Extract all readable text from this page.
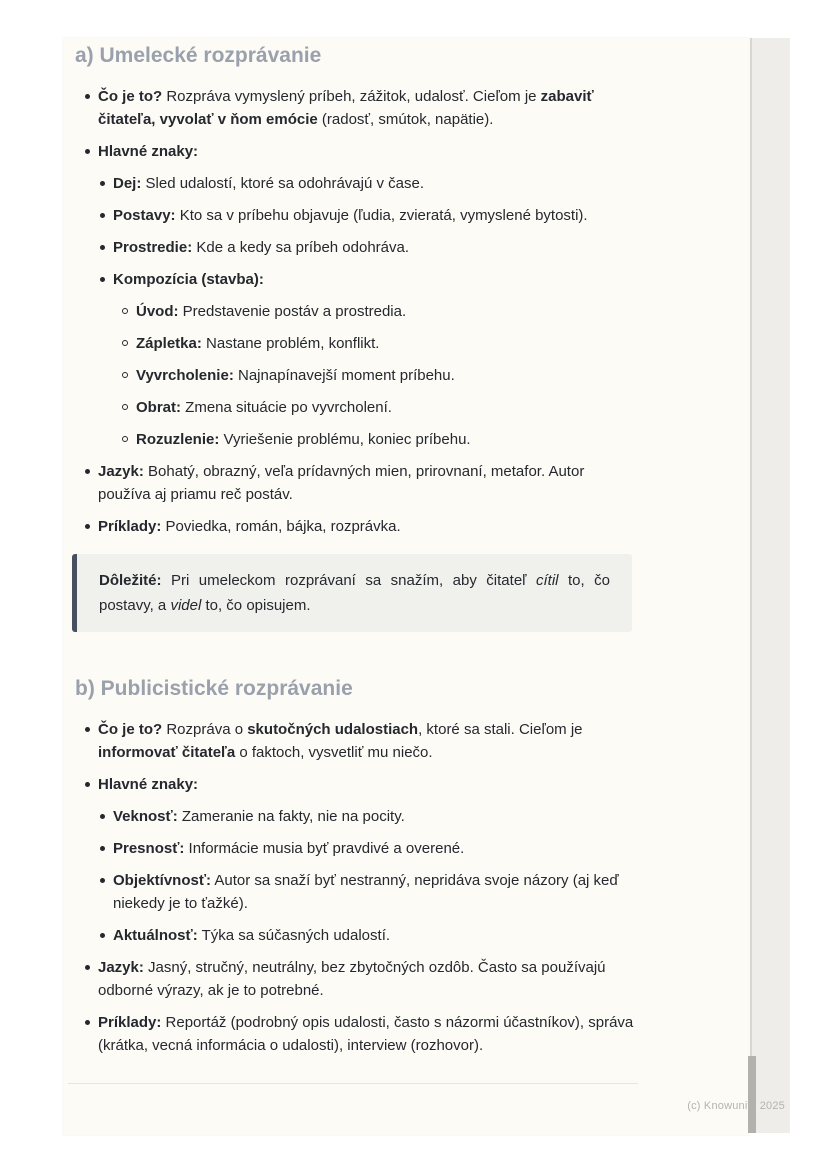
a) Umelecké rozprávanie
Čo je to? Rozpráva vymyslený príbeh, zážitok, udalosť. Cieľom je zabaviť čitateľa, vyvolať v ňom emócie (radosť, smútok, napätie).
Hlavné znaky:
Dej: Sled udalostí, ktoré sa odohrávajú v čase.
Postavy: Kto sa v príbehu objavuje (ľudia, zvieratá, vymyslené bytosti).
Prostredie: Kde a kedy sa príbeh odohráva.
Kompozícia (stavba):
Úvod: Predstavenie postáv a prostredia.
Zápletka: Nastane problém, konflikt.
Vyvrcholenie: Najnapínavejší moment príbehu.
Obrat: Zmena situácie po vyvrcholení.
Rozuzlenie: Vyriešenie problému, koniec príbehu.
Jazyk: Bohatý, obrazný, veľa prídavných mien, prirovnaní, metafor. Autor používa aj priamu reč postáv.
Príklady: Poviedka, román, bájka, rozprávka.
Dôležité: Pri umeleckom rozprávaní sa snažím, aby čitateľ cítil to, čo postavy, a videl to, čo opisujem.
b) Publicistické rozprávanie
Čo je to? Rozpráva o skutočných udalostiach, ktoré sa stali. Cieľom je informovať čitateľa o faktoch, vysvetliť mu niečo.
Hlavné znaky:
Veknosť: Zameranie na fakty, nie na pocity.
Presnosť: Informácie musia byť pravdivé a overené.
Objektívnosť: Autor sa snaží byť nestranný, nepridáva svoje názory (aj keď niekedy je to ťažké).
Aktuálnosť: Týka sa súčasných udalostí.
Jazyk: Jasný, stručný, neutrálny, bez zbytočných ozdôb. Často sa používajú odborné výrazy, ak je to potrebné.
Príklady: Reportáž (podrobný opis udalosti, často s názormi účastníkov), správa (krátka, vecná informácia o udalosti), interview (rozhovor).
(c) Knowunity 2025
